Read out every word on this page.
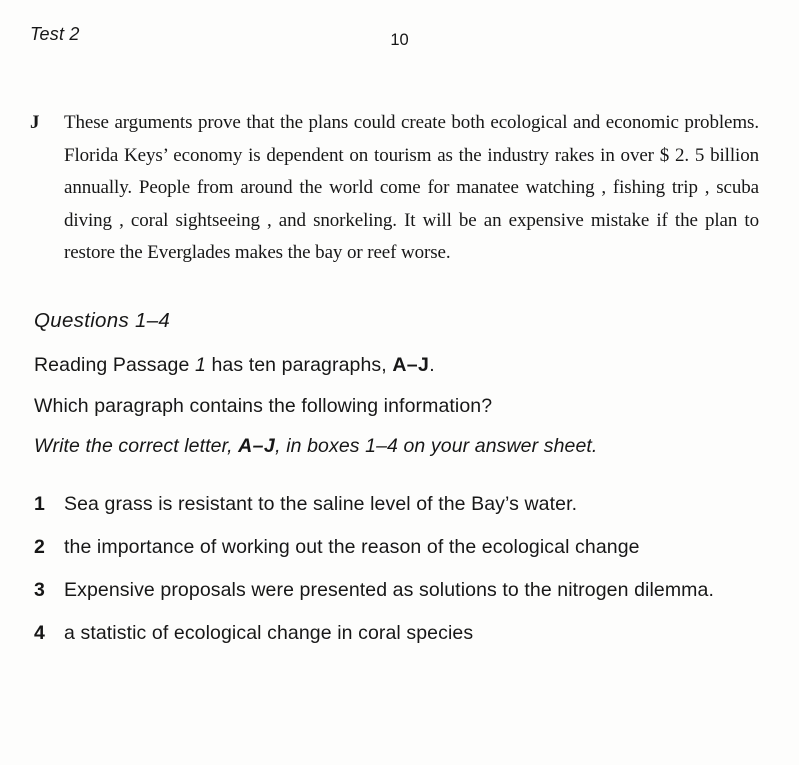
Test 2	10
J	These arguments prove that the plans could create both ecological and economic problems. Florida Keys’ economy is dependent on tourism as the industry rakes in over $ 2. 5 billion annually. People from around the world come for manatee watching , fishing trip , scuba diving , coral sightseeing , and snorkeling. It will be an expensive mistake if the plan to restore the Everglades makes the bay or reef worse.
Questions 1–4
Reading Passage 1 has ten paragraphs, A–J.
Which paragraph contains the following information?
Write the correct letter, A–J, in boxes 1–4 on your answer sheet.
1 Sea grass is resistant to the saline level of the Bay’s water.
2 the importance of working out the reason of the ecological change
3 Expensive proposals were presented as solutions to the nitrogen dilemma.
4 a statistic of ecological change in coral species
